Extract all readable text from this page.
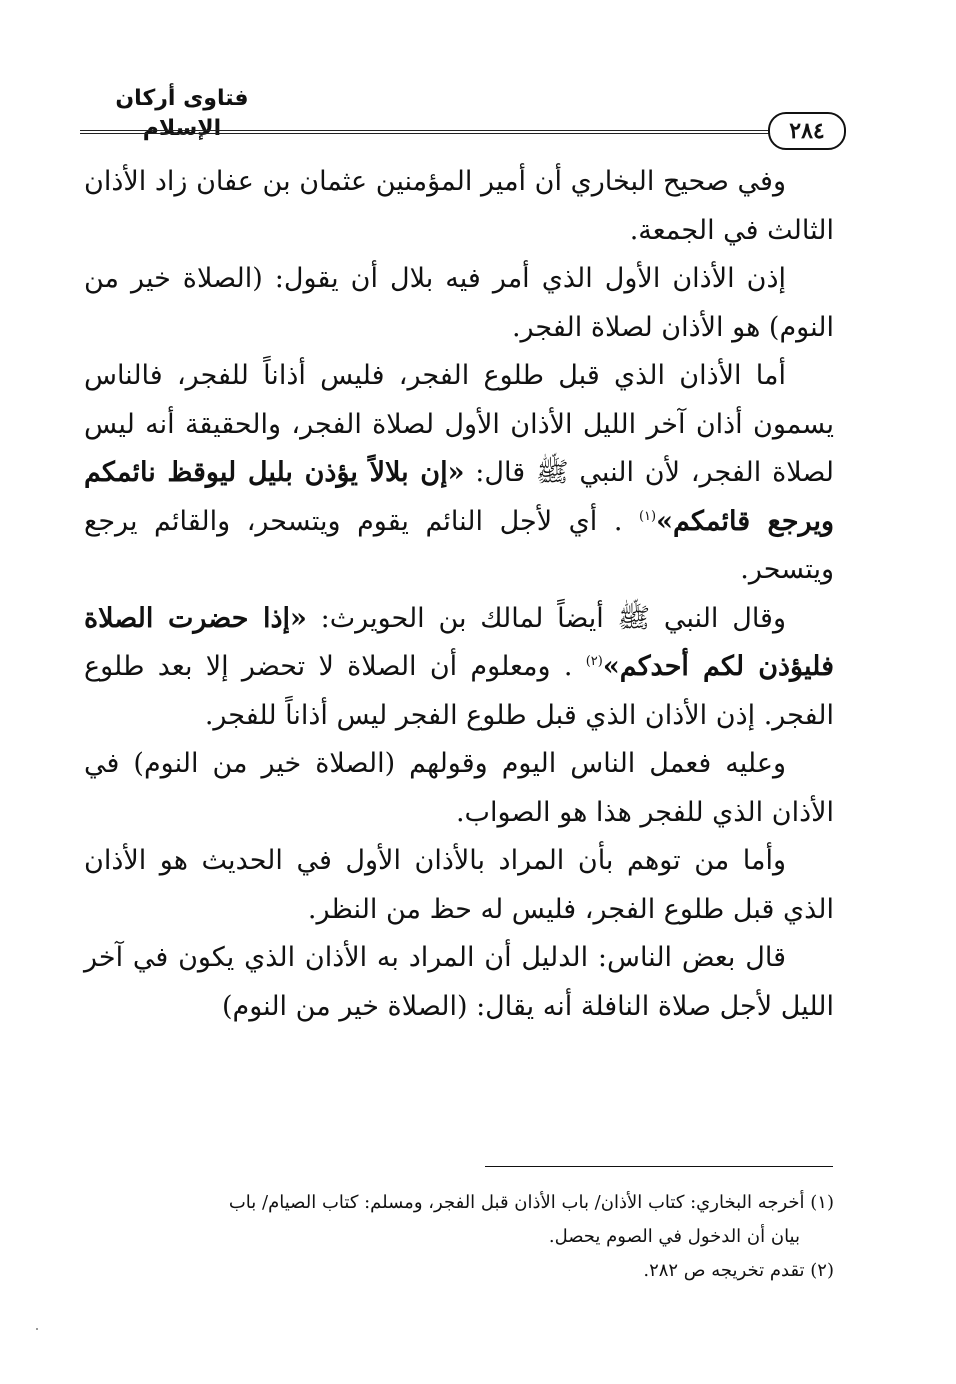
فتاوى أركان الإسلام	٢٨٤

وفي صحيح البخاري أن أمير المؤمنين عثمان بن عفان زاد الأذان الثالث في الجمعة.

إذن الأذان الأول الذي أمر فيه بلال أن يقول: (الصلاة خير من النوم) هو الأذان لصلاة الفجر.

أما الأذان الذي قبل طلوع الفجر، فليس أذاناً للفجر، فالناس يسمون أذان آخر الليل الأذان الأول لصلاة الفجر، والحقيقة أنه ليس لصلاة الفجر، لأن النبي ﷺ قال: «إن بلالاً يؤذن بليل ليوقظ نائمكم ويرجع قائمكم»$^{(١)}$ . أي لأجل النائم يقوم ويتسحر، والقائم يرجع ويتسحر.

وقال النبي ﷺ أيضاً لمالك بن الحويرث: «إذا حضرت الصلاة فليؤذن لكم أحدكم»$^{(٢)}$ . ومعلوم أن الصلاة لا تحضر إلا بعد طلوع الفجر. إذن الأذان الذي قبل طلوع الفجر ليس أذاناً للفجر.

وعليه فعمل الناس اليوم وقولهم (الصلاة خير من النوم) في الأذان الذي للفجر هذا هو الصواب.

وأما من توهم بأن المراد بالأذان الأول في الحديث هو الأذان الذي قبل طلوع الفجر، فليس له حظ من النظر.

قال بعض الناس: الدليل أن المراد به الأذان الذي يكون في آخر الليل لأجل صلاة النافلة أنه يقال: (الصلاة خير من النوم)

(١) أخرجه البخاري: كتاب الأذان/ باب الأذان قبل الفجر، ومسلم: كتاب الصيام/ باب

بيان أن الدخول في الصوم يحصل.

(٢) تقدم تخريجه ص ٢٨٢.
